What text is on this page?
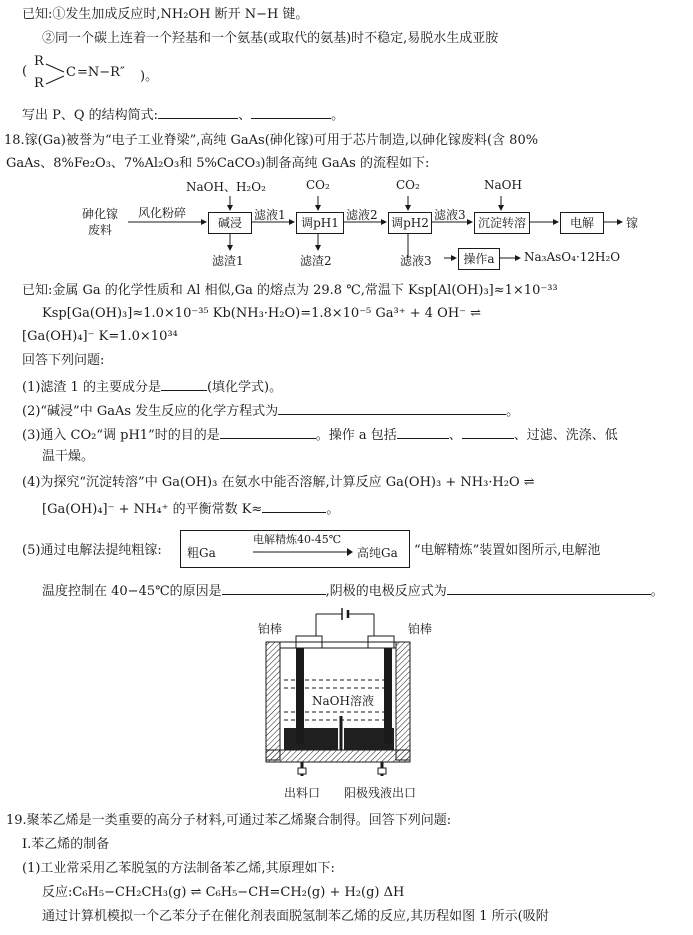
已知:①发生加成反应时,NH₂OH 断开 N−H 键。
②同一个碳上连着一个羟基和一个氨基(或取代的氨基)时不稳定,易脱水生成亚胺
(
R
R
C =N−R″ )。
写出 P、Q 的结构简式:	、	。
18.镓(Ga)被誉为“电子工业脊梁”,高纯 GaAs(砷化镓)可用于芯片制造,以砷化镓废料(含 80%
GaAs、8%Fe₂O₃、7%Al₂O₃和 5%CaCO₃)制备高纯 GaAs 的流程如下:
砷化镓
废料
风化粉碎
NaOH、H₂O₂
碱浸
滤液1
滤渣1
CO₂
调pH1
滤液2
滤渣2
CO₂
调pH2
滤液3
滤液3
NaOH
沉淀转溶	电解	镓
操作a	Na₃AsO₄·12H₂O
已知:金属 Ga 的化学性质和 Al 相似,Ga 的熔点为 29.8 ℃,常温下 Ksp[Al(OH)₃]≈1×10⁻³³
Ksp[Ga(OH)₃]≈1.0×10⁻³⁵ Kb(NH₃·H₂O)=1.8×10⁻⁵ Ga³⁺ + 4 OH⁻ ⇌
[Ga(OH)₄]⁻ K=1.0×10³⁴
回答下列问题:
(1)滤渣 1 的主要成分是	(填化学式)。
(2)“碱浸”中 GaAs 发生反应的化学方程式为	。
(3)通入 CO₂“调 pH1”时的目的是	。操作 a 包括	、	、过滤、洗涤、低
温干燥。
(4)为探究“沉淀转溶”中 Ga(OH)₃ 在氨水中能否溶解,计算反应 Ga(OH)₃ + NH₃·H₂O ⇌
[Ga(OH)₄]⁻ + NH₄⁺ 的平衡常数 K≈	。
(5)通过电解法提纯粗镓: 粗Ga
电解精炼40-45℃
高纯Ga “电解精炼”装置如图所示,电解池
温度控制在 40−45℃的原因是	,阴极的电极反应式为	。
铂棒	铂棒
NaOH溶液
出料口 阳极残液出口
19.聚苯乙烯是一类重要的高分子材料,可通过苯乙烯聚合制得。回答下列问题:
Ⅰ.苯乙烯的制备
(1)工业常采用乙苯脱氢的方法制备苯乙烯,其原理如下:
反应:C₆H₅−CH₂CH₃(g) ⇌ C₆H₅−CH=CH₂(g) + H₂(g) ΔH
通过计算机模拟一个乙苯分子在催化剂表面脱氢制苯乙烯的反应,其历程如图 1 所示(吸附
